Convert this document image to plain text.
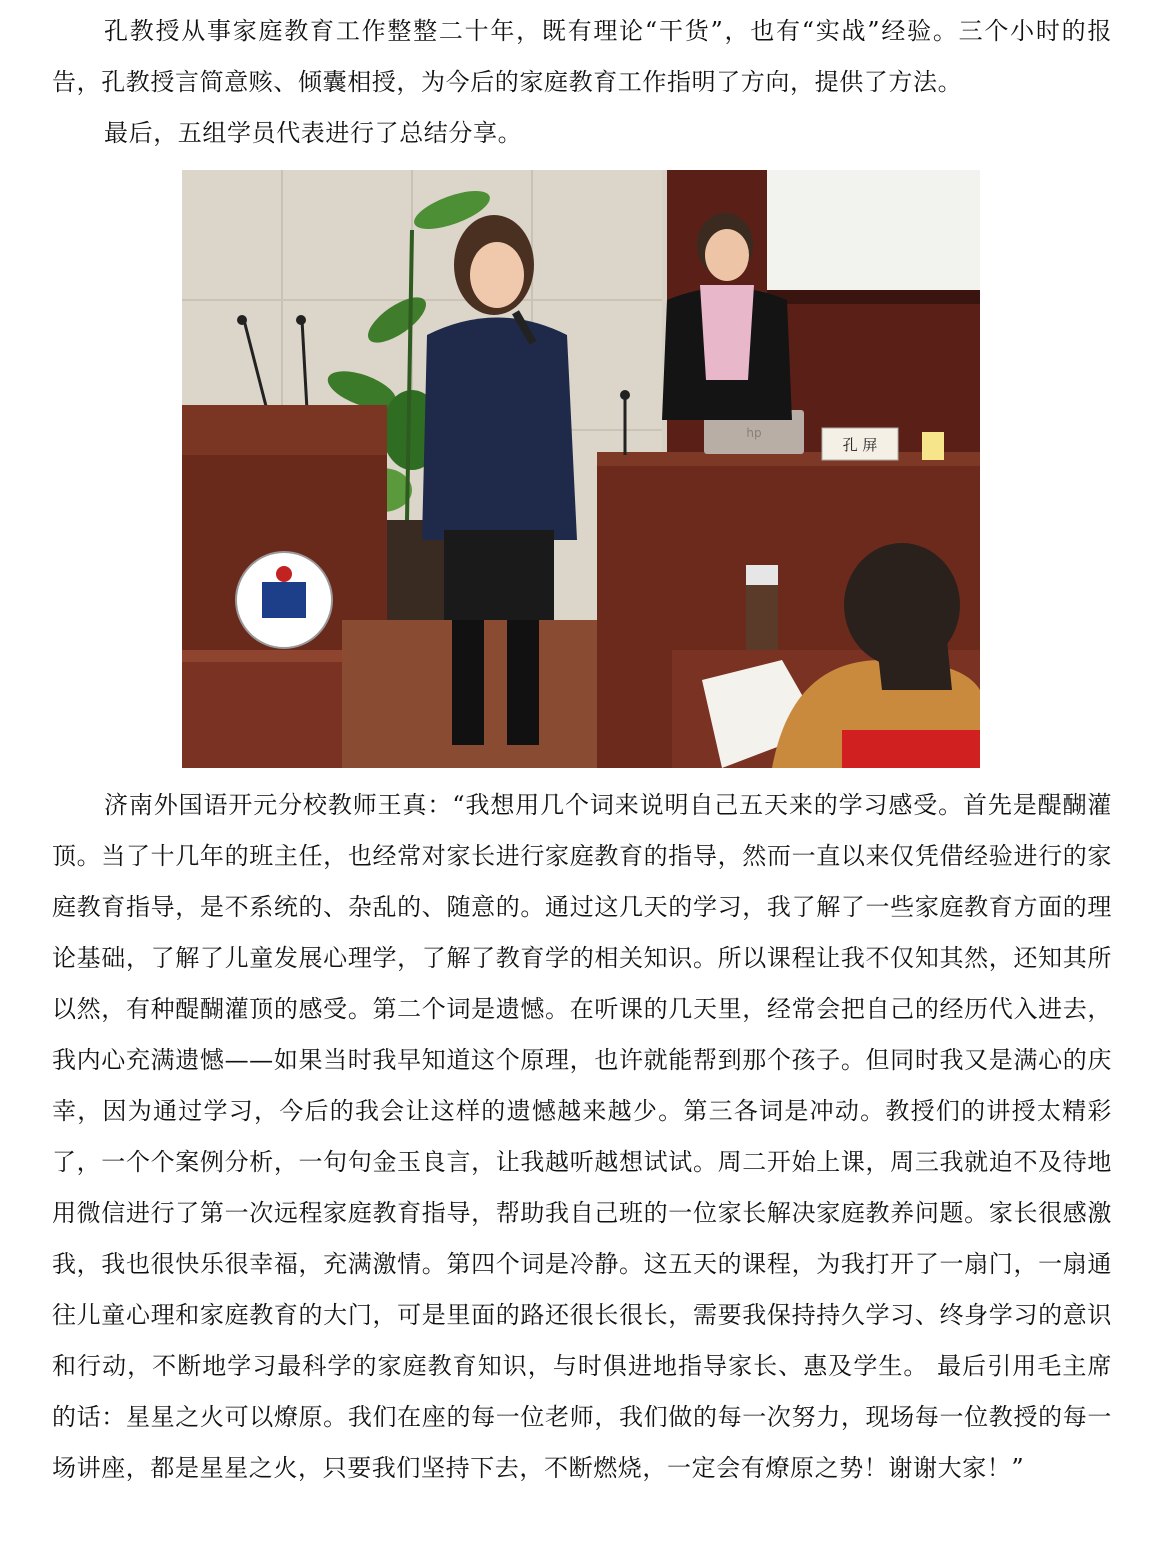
孔教授从事家庭教育工作整整二十年，既有理论“干货”，也有“实战”经验。三个小时的报告，孔教授言简意赅、倾囊相授，为今后的家庭教育工作指明了方向，提供了方法。

最后，五组学员代表进行了总结分享。

hp
孔 屏

济南外国语开元分校教师王真：“我想用几个词来说明自己五天来的学习感受。首先是醍醐灌顶。当了十几年的班主任，也经常对家长进行家庭教育的指导，然而一直以来仅凭借经验进行的家庭教育指导，是不系统的、杂乱的、随意的。通过这几天的学习，我了解了一些家庭教育方面的理论基础，了解了儿童发展心理学，了解了教育学的相关知识。所以课程让我不仅知其然，还知其所以然，有种醍醐灌顶的感受。第二个词是遗憾。在听课的几天里，经常会把自己的经历代入进去，我内心充满遗憾——如果当时我早知道这个原理，也许就能帮到那个孩子。但同时我又是满心的庆幸，因为通过学习，今后的我会让这样的遗憾越来越少。第三各词是冲动。教授们的讲授太精彩了，一个个案例分析，一句句金玉良言，让我越听越想试试。周二开始上课，周三我就迫不及待地用微信进行了第一次远程家庭教育指导，帮助我自己班的一位家长解决家庭教养问题。家长很感激我，我也很快乐很幸福，充满激情。第四个词是冷静。这五天的课程，为我打开了一扇门，一扇通往儿童心理和家庭教育的大门，可是里面的路还很长很长，需要我保持持久学习、终身学习的意识和行动，不断地学习最科学的家庭教育知识，与时俱进地指导家长、惠及学生。 最后引用毛主席的话：星星之火可以燎原。我们在座的每一位老师，我们做的每一次努力，现场每一位教授的每一场讲座，都是星星之火，只要我们坚持下去，不断燃烧，一定会有燎原之势！谢谢大家！”
